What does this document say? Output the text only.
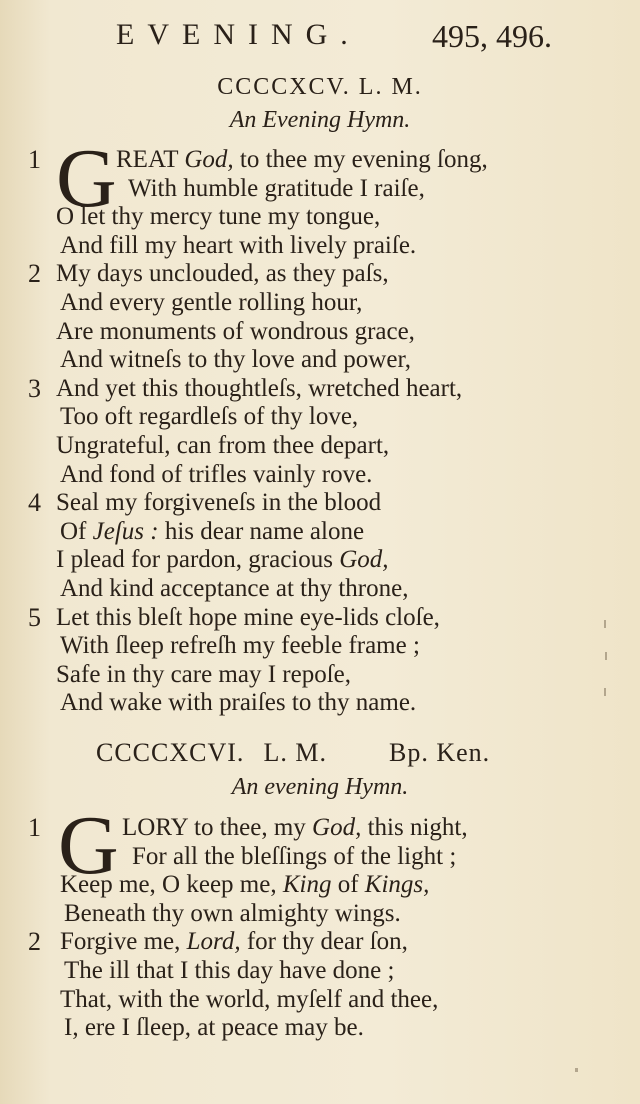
EVENING. 495, 496.
CCCCXCV. L. M.
An Evening Hymn.
G
1	REAT God, to thee my evening ſong,
With humble gratitude I raiſe,
O let thy mercy tune my tongue,
And fill my heart with lively praiſe.
2 My days unclouded, as they paſs,
And every gentle rolling hour,
Are monuments of wondrous grace,
And witneſs to thy love and power,
3 And yet this thoughtleſs, wretched heart,
Too oft regardleſs of thy love,
Ungrateful, can from thee depart,
And fond of trifles vainly rove.
4 Seal my forgiveneſs in the blood
Of Jeſus : his dear name alone
I plead for pardon, gracious God,
And kind acceptance at thy throne,
5 Let this bleſt hope mine eye-lids cloſe,
With ſleep refreſh my feeble frame ;
Safe in thy care may I repoſe,
And wake with praiſes to thy name.
CCCCXCVI. L. M. Bp. Ken.
An evening Hymn.
G
1	LORY to thee, my God, this night,
For all the bleſſings of the light ;
Keep me, O keep me, King of Kings,
Beneath thy own almighty wings.
2 Forgive me, Lord, for thy dear ſon,
The ill that I this day have done ;
That, with the world, myſelf and thee,
I, ere I ſleep, at peace may be.
